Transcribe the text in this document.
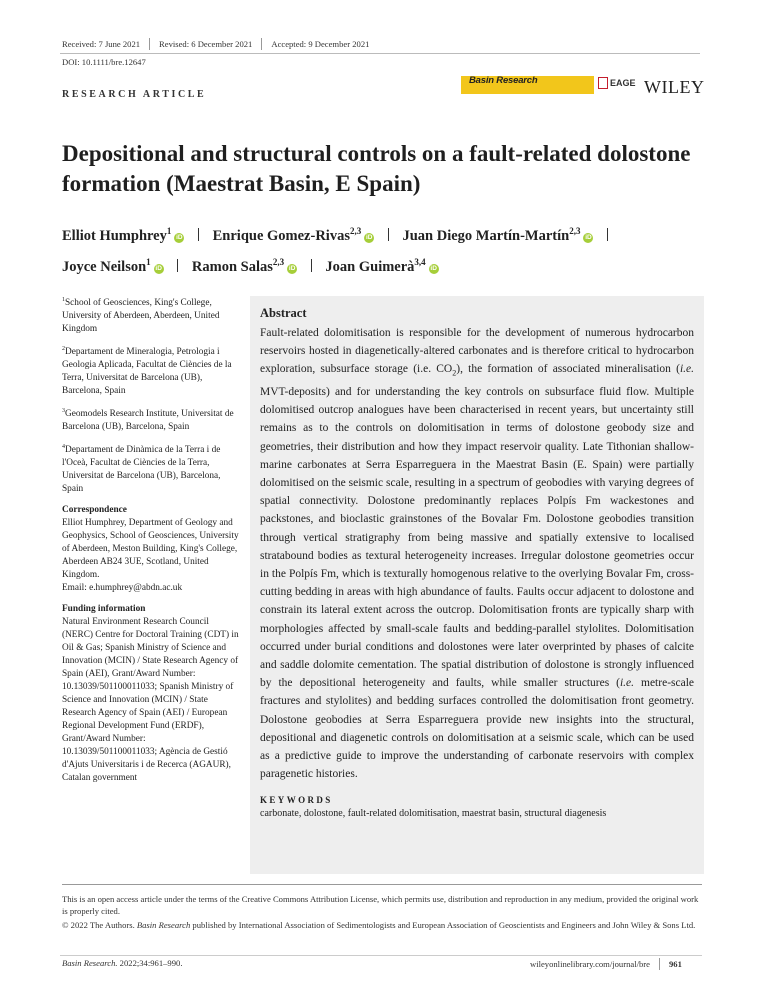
Received: 7 June 2021 Revised: 6 December 2021 Accepted: 9 December 2021
DOI: 10.1111/bre.12647
RESEARCH ARTICLE
Basin Research	EAGE WILEY
Depositional and structural controls on a fault-related dolostone formation (Maestrat Basin, E Spain)
Elliot Humphrey$^1$iD Enrique Gomez-Rivas$^{2,3}$iD Juan Diego Martín-Martín$^{2,3}$iD
Joyce Neilson$^1$iD Ramon Salas$^{2,3}$iD Joan Guimerà$^{3,4}$iD

$^1$School of Geosciences, King's College, University of Aberdeen, Aberdeen, United Kingdom

$^2$Departament de Mineralogia, Petrologia i Geologia Aplicada, Facultat de Ciències de la Terra, Universitat de Barcelona (UB), Barcelona, Spain

$^3$Geomodels Research Institute, Universitat de Barcelona (UB), Barcelona, Spain

$^4$Departament de Dinàmica de la Terra i de l'Oceà, Facultat de Ciències de la Terra, Universitat de Barcelona (UB), Barcelona, Spain

Correspondence
Elliot Humphrey, Department of Geology and Geophysics, School of Geosciences, University of Aberdeen, Meston Building, King's College, Aberdeen AB24 3UE, Scotland, United Kingdom.
Email: e.humphrey@abdn.ac.uk
Funding information
Natural Environment Research Council (NERC) Centre for Doctoral Training (CDT) in Oil & Gas; Spanish Ministry of Science and Innovation (MCIN) / State Research Agency of Spain (AEI), Grant/Award Number: 10.13039/501100011033; Spanish Ministry of Science and Innovation (MCIN) / State Research Agency of Spain (AEI) / European Regional Development Fund (ERDF), Grant/Award Number: 10.13039/501100011033; Agència de Gestió d'Ajuts Universitaris i de Recerca (AGAUR), Catalan government
Abstract
Fault-related dolomitisation is responsible for the development of numerous hydrocarbon reservoirs hosted in diagenetically-altered carbonates and is therefore critical to hydrocarbon exploration, subsurface storage (i.e. $CO_2$), the formation of associated mineralisation (i.e. MVT-deposits) and for understanding the key controls on subsurface fluid flow. Multiple dolomitised outcrop analogues have been characterised in recent years, but uncertainty still remains as to the controls on dolomitisation in terms of dolostone geobody size and geometries, their distribution and how they impact reservoir quality. Late Tithonian shallow-marine carbonates at Serra Esparreguera in the Maestrat Basin (E. Spain) were partially dolomitised on the seismic scale, resulting in a spectrum of geobodies with varying degrees of spatial connectivity. Dolostone predominantly replaces Polpís Fm wackestones and packstones, and bioclastic grainstones of the Bovalar Fm. Dolostone geobodies transition through vertical stratigraphy from being massive and spatially extensive to localised stratabound bodies as textural heterogeneity increases. Irregular dolostone geometries occur in the Polpís Fm, which is texturally homogenous relative to the overlying Bovalar Fm, cross-cutting bedding in areas with high abundance of faults. Faults occur adjacent to dolostone and constrain its lateral extent across the outcrop. Dolomitisation fronts are typically sharp with morphologies affected by small-scale faults and bedding-parallel stylolites. Dolomitisation occurred under burial conditions and dolostones were later overprinted by phases of calcite and saddle dolomite cementation. The spatial distribution of dolostone is strongly influenced by the depositional heterogeneity and faults, while smaller structures (i.e. metre-scale fractures and stylolites) and bedding surfaces controlled the dolomitisation front geometry. Dolostone geobodies at Serra Esparreguera provide new insights into the structural, depositional and diagenetic controls on dolomitisation at a seismic scale, which can be used as a predictive guide to improve the understanding of carbonate reservoirs with complex paragenetic histories.
KEYWORDS
carbonate, dolostone, fault-related dolomitisation, maestrat basin, structural diagenesis

This is an open access article under the terms of the Creative Commons Attribution License, which permits use, distribution and reproduction in any medium, provided the original work is properly cited.

© 2022 The Authors. Basin Research published by International Association of Sedimentologists and European Association of Geoscientists and Engineers and John Wiley & Sons Ltd.

Basin Research. 2022;34:961–990.	wileyonlinelibrary.com/journal/bre 961
